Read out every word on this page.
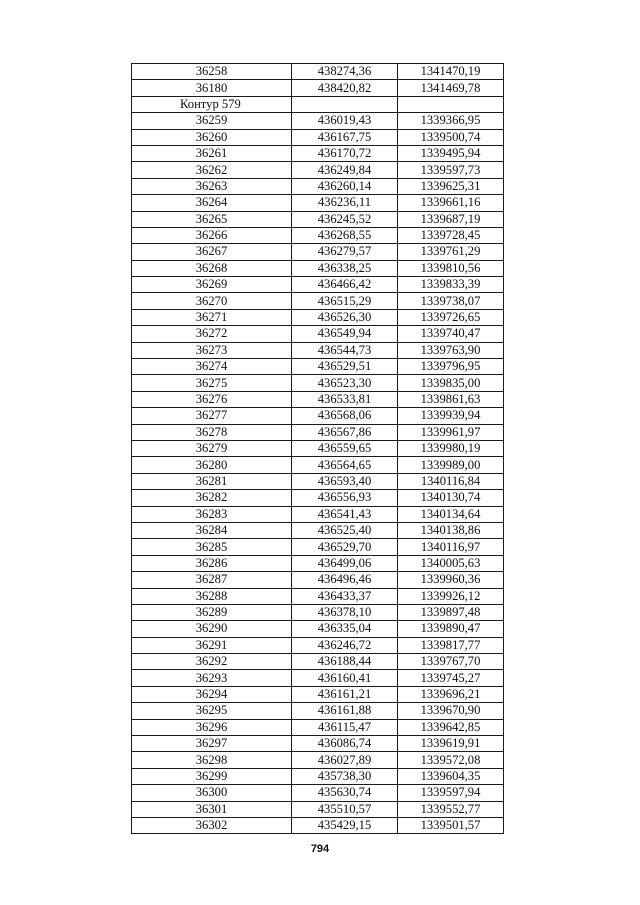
36258	438274,36	1341470,19
36180	438420,82	1341469,78
Контур 579		
36259	436019,43	1339366,95
36260	436167,75	1339500,74
36261	436170,72	1339495,94
36262	436249,84	1339597,73
36263	436260,14	1339625,31
36264	436236,11	1339661,16
36265	436245,52	1339687,19
36266	436268,55	1339728,45
36267	436279,57	1339761,29
36268	436338,25	1339810,56
36269	436466,42	1339833,39
36270	436515,29	1339738,07
36271	436526,30	1339726,65
36272	436549,94	1339740,47
36273	436544,73	1339763,90
36274	436529,51	1339796,95
36275	436523,30	1339835,00
36276	436533,81	1339861,63
36277	436568,06	1339939,94
36278	436567,86	1339961,97
36279	436559,65	1339980,19
36280	436564,65	1339989,00
36281	436593,40	1340116,84
36282	436556,93	1340130,74
36283	436541,43	1340134,64
36284	436525,40	1340138,86
36285	436529,70	1340116,97
36286	436499,06	1340005,63
36287	436496,46	1339960,36
36288	436433,37	1339926,12
36289	436378,10	1339897,48
36290	436335,04	1339890,47
36291	436246,72	1339817,77
36292	436188,44	1339767,70
36293	436160,41	1339745,27
36294	436161,21	1339696,21
36295	436161,88	1339670,90
36296	436115,47	1339642,85
36297	436086,74	1339619,91
36298	436027,89	1339572,08
36299	435738,30	1339604,35
36300	435630,74	1339597,94
36301	435510,57	1339552,77
36302	435429,15	1339501,57
794
